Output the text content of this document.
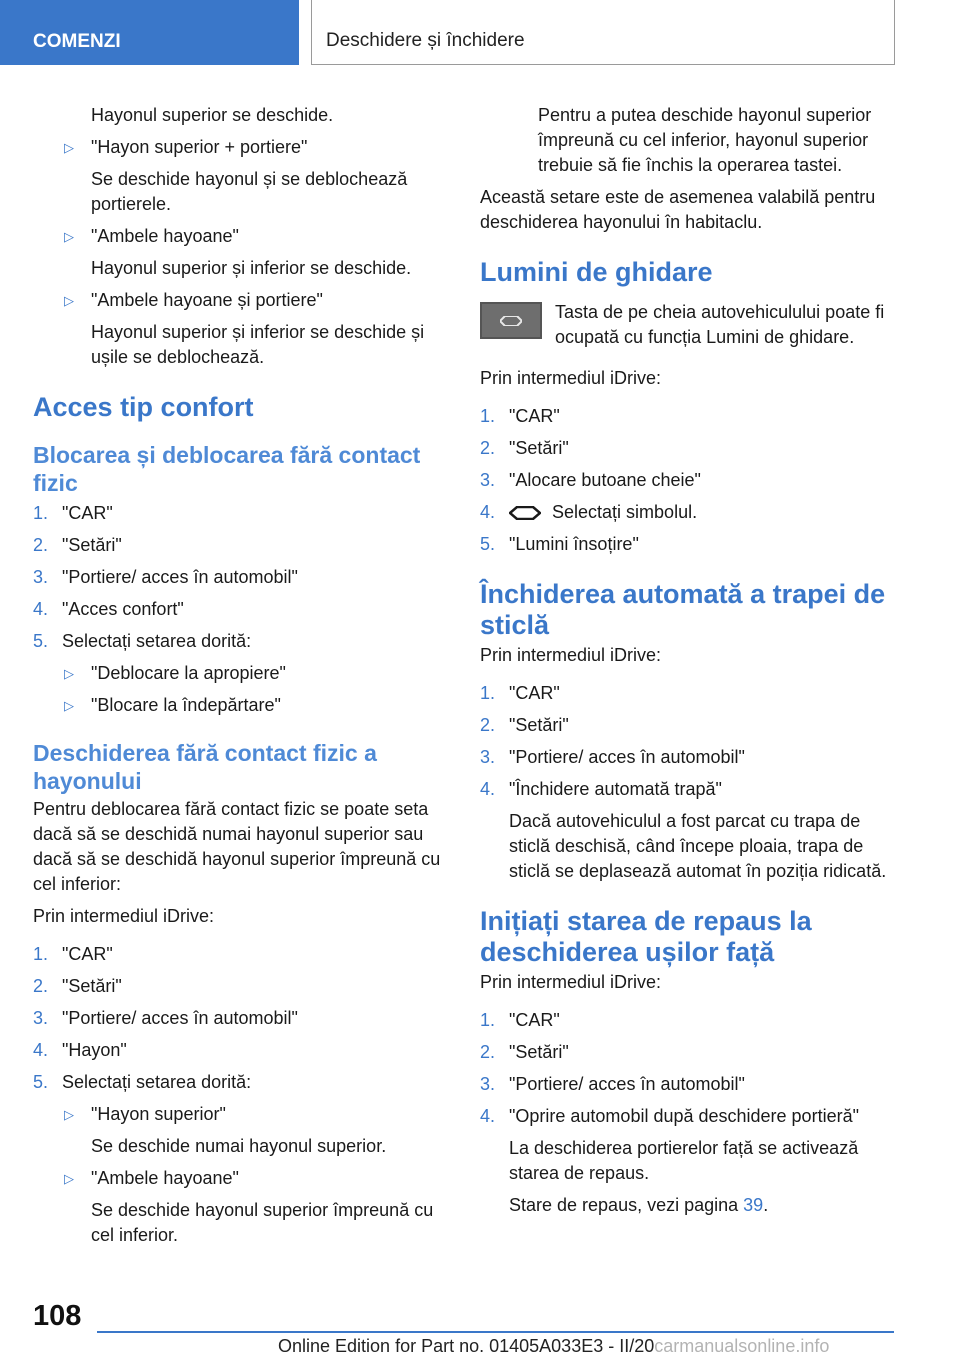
COMENZI	Deschidere și închidere

Hayonul superior se deschide.

▷ "Hayon superior + portiere"

Se deschide hayonul și se deblochează portierele.

▷ "Ambele hayoane"

Hayonul superior și inferior se deschide.

▷ "Ambele hayoane și portiere"

Hayonul superior și inferior se deschide și ușile se deblochează.

Acces tip confort
Blocarea și deblocarea fără contact fizic
1. "CAR"
2. "Setări"
3. "Portiere/ acces în automobil"
4. "Acces confort"
5. Selectați setarea dorită:
▷ "Deblocare la apropiere"
▷ "Blocare la îndepărtare"
Deschiderea fără contact fizic a hayonului

Pentru deblocarea fără contact fizic se poate seta dacă să se deschidă numai hayonul superior sau dacă să se deschidă hayonul superior împreună cu cel inferior:

Prin intermediul iDrive:

1. "CAR"
2. "Setări"
3. "Portiere/ acces în automobil"
4. "Hayon"
5. Selectați setarea dorită:
▷ "Hayon superior"

Se deschide numai hayonul superior.

▷ "Ambele hayoane"

Se deschide hayonul superior împreună cu cel inferior.

Pentru a putea deschide hayonul superior împreună cu cel inferior, hayonul superior trebuie să fie închis la operarea tastei.

Această setare este de asemenea valabilă pentru deschiderea hayonului în habitaclu.

Lumini de ghidare

Tasta de pe cheia autovehiculului poate fi ocupată cu funcția Lumini de ghidare.

Prin intermediul iDrive:

1. "CAR"
2. "Setări"
3. "Alocare butoane cheie"
4.	Selectați simbolul.
5. "Lumini însoțire"
Închiderea automată a trapei de sticlă

Prin intermediul iDrive:

1. "CAR"
2. "Setări"
3. "Portiere/ acces în automobil"
4. "Închidere automată trapă"

Dacă autovehiculul a fost parcat cu trapa de sticlă deschisă, când începe ploaia, trapa de sticlă se deplasează automat în poziția ridicată.

Inițiați starea de repaus la deschiderea ușilor față

Prin intermediul iDrive:

1. "CAR"
2. "Setări"
3. "Portiere/ acces în automobil"
4. "Oprire automobil după deschidere portieră"

La deschiderea portierelor față se activează starea de repaus.

Stare de repaus, vezi pagina 39.

108
Online Edition for Part no. 01405A033E3 - II/20carmanualsonline.info
